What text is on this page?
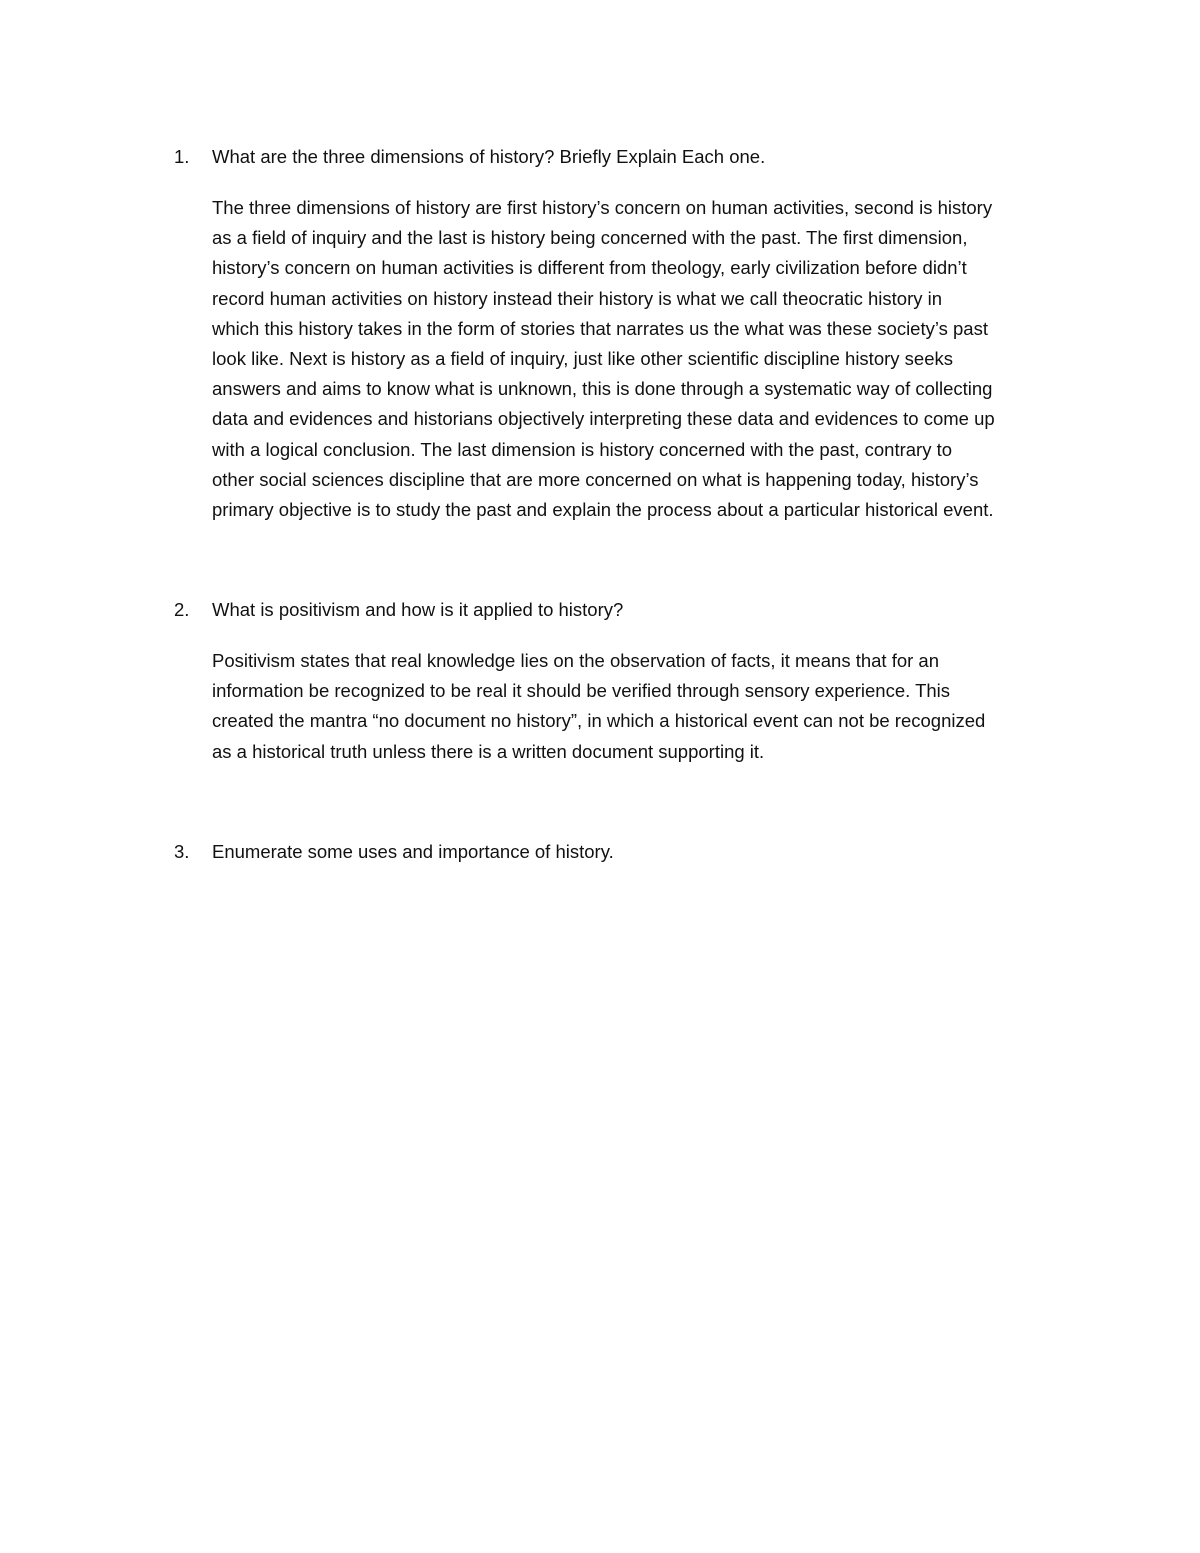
1.	What are the three dimensions of history? Briefly Explain Each one.
The three dimensions of history are first history’s concern on human activities, second is history
as a field of inquiry and the last is history being concerned with the past. The first dimension,
history’s concern on human activities is different from theology, early civilization before didn’t
record human activities on history instead their history is what we call theocratic history in
which this history takes in the form of stories that narrates us the what was these society’s past
look like. Next is history as a field of inquiry, just like other scientific discipline history seeks
answers and aims to know what is unknown, this is done through a systematic way of collecting
data and evidences and historians objectively interpreting these data and evidences to come up
with a logical conclusion. The last dimension is history concerned with the past, contrary to
other social sciences discipline that are more concerned on what is happening today, history’s
primary objective is to study the past and explain the process about a particular historical event.
2.	What is positivism and how is it applied to history?
Positivism states that real knowledge lies on the observation of facts, it means that for an
information be recognized to be real it should be verified through sensory experience. This
created the mantra “no document no history”, in which a historical event can not be recognized
as a historical truth unless there is a written document supporting it.
3.	Enumerate some uses and importance of history.
